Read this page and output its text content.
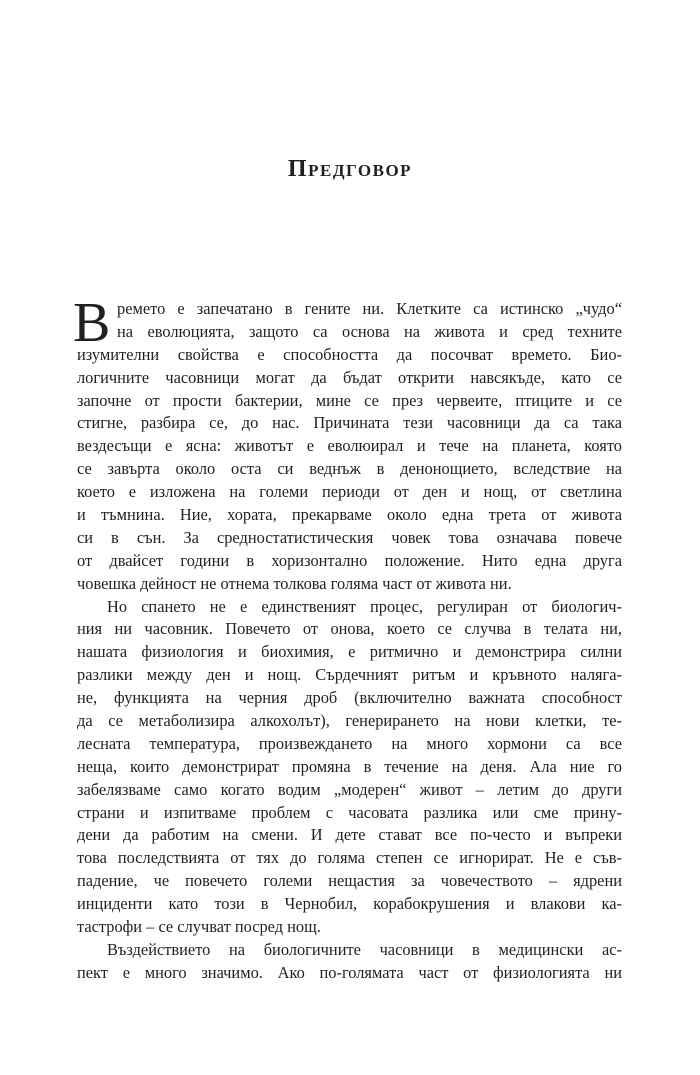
Предговор
В ремето е запечатано в гените ни. Клетките са истинско „чудо“
на еволюцията, защото са основа на живота и сред техните
изумителни свойства е способността да посочват времето. Био-
логичните часовници могат да бъдат открити навсякъде, като се
започне от прости бактерии, мине се през червеите, птиците и се
стигне, разбира се, до нас. Причината тези часовници да са така
вездесъщи е ясна: животът е еволюирал и тече на планета, която
се завърта около оста си веднъж в денонощието, вследствие на
което е изложена на големи периоди от ден и нощ, от светлина
и тъмнина. Ние, хората, прекарваме около една трета от живота
си в сън. За средностатистическия човек това означава повече
от двайсет години в хоризонтално положение. Нито една друга
човешка дейност не отнема толкова голяма част от живота ни.
Но спането не е единственият процес, регулиран от биологич-
ния ни часовник. Повечето от онова, което се случва в телата ни,
нашата физиология и биохимия, е ритмично и демонстрира силни
разлики между ден и нощ. Сърдечният ритъм и кръвното наляга-
не, функцията на черния дроб (включително важната способност
да се метаболизира алкохолът), генерирането на нови клетки, те-
лесната температура, произвеждането на много хормони са все
неща, които демонстрират промяна в течение на деня. Ала ние го
забелязваме само когато водим „модерен“ живот – летим до други
страни и изпитваме проблем с часовата разлика или сме прину-
дени да работим на смени. И дете стават все по-често и въпреки
това последствията от тях до голяма степен се игнорират. Не е съв-
падение, че повечето големи нещастия за човечеството – ядрени
инциденти като този в Чернобил, корабокрушения и влакови ка-
тастрофи – се случват посред нощ.
Въздействието на биологичните часовници в медицински ас-
пект е много значимо. Ако по-голямата част от физиологията ни
